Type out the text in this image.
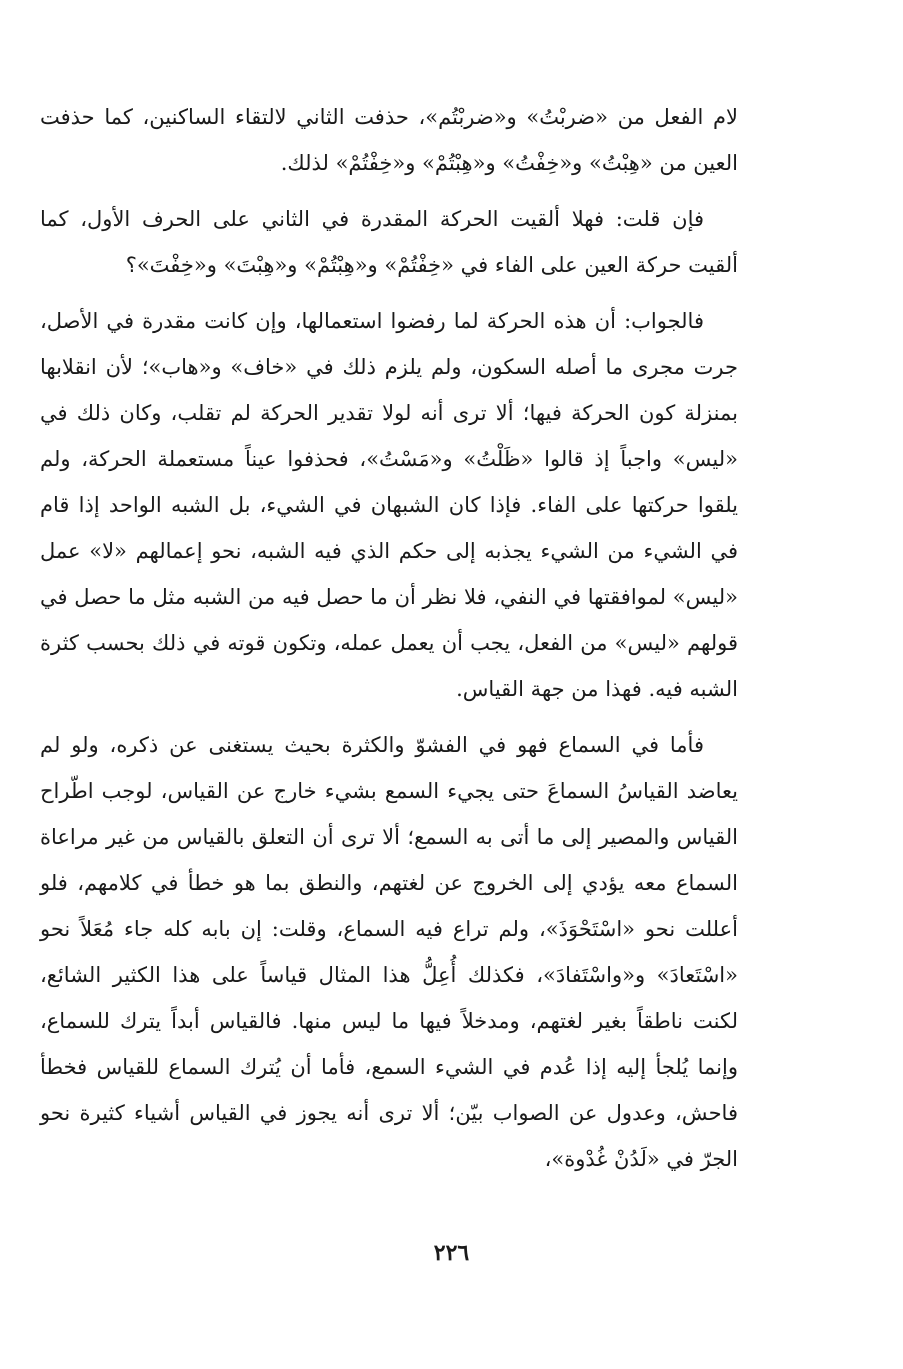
لام الفعل من «ضربْتُ» و«ضربْتُم»، حذفت الثاني لالتقاء الساكنين، كما حذفت العين من «هِبْتُ» و«خِفْتُ» و«هِبْتُمْ» و«خِفْتُمْ» لذلك.

فإن قلت: فهلا ألقيت الحركة المقدرة في الثاني على الحرف الأول، كما ألقيت حركة العين على الفاء في «خِفْتُمْ» و«هِبْتُمْ» و«هِبْتَ» و«خِفْتَ»؟

فالجواب: أن هذه الحركة لما رفضوا استعمالها، وإن كانت مقدرة في الأصل، جرت مجرى ما أصله السكون، ولم يلزم ذلك في «خاف» و«هاب»؛ لأن انقلابها بمنزلة كون الحركة فيها؛ ألا ترى أنه لولا تقدير الحركة لم تقلب، وكان ذلك في «ليس» واجباً إذ قالوا «ظَلْتُ» و«مَسْتُ»، فحذفوا عيناً مستعملة الحركة، ولم يلقوا حركتها على الفاء. فإذا كان الشبهان في الشيء، بل الشبه الواحد إذا قام في الشيء من الشيء يجذبه إلى حكم الذي فيه الشبه، نحو إعمالهم «لا» عمل «ليس» لموافقتها في النفي، فلا نظر أن ما حصل فيه من الشبه مثل ما حصل في قولهم «ليس» من الفعل، يجب أن يعمل عمله، وتكون قوته في ذلك بحسب كثرة الشبه فيه. فهذا من جهة القياس.

فأما في السماع فهو في الفشوّ والكثرة بحيث يستغنى عن ذكره، ولو لم يعاضد القياسُ السماعَ حتى يجيء السمع بشيء خارج عن القياس، لوجب اطّراح القياس والمصير إلى ما أتى به السمع؛ ألا ترى أن التعلق بالقياس من غير مراعاة السماع معه يؤدي إلى الخروج عن لغتهم، والنطق بما هو خطأ في كلامهم، فلو أعللت نحو «اسْتَحْوَذَ»، ولم تراع فيه السماع، وقلت: إن بابه كله جاء مُعَلاً نحو «اسْتَعادَ» و«واسْتَفادَ»، فكذلك أُعِلُّ هذا المثال قياساً على هذا الكثير الشائع، لكنت ناطقاً بغير لغتهم، ومدخلاً فيها ما ليس منها. فالقياس أبداً يترك للسماع، وإنما يُلجأ إليه إذا عُدم في الشيء السمع، فأما أن يُترك السماع للقياس فخطأ فاحش، وعدول عن الصواب بيّن؛ ألا ترى أنه يجوز في القياس أشياء كثيرة نحو الجرّ في «لَدُنْ غُدْوة»،

٢٢٦
